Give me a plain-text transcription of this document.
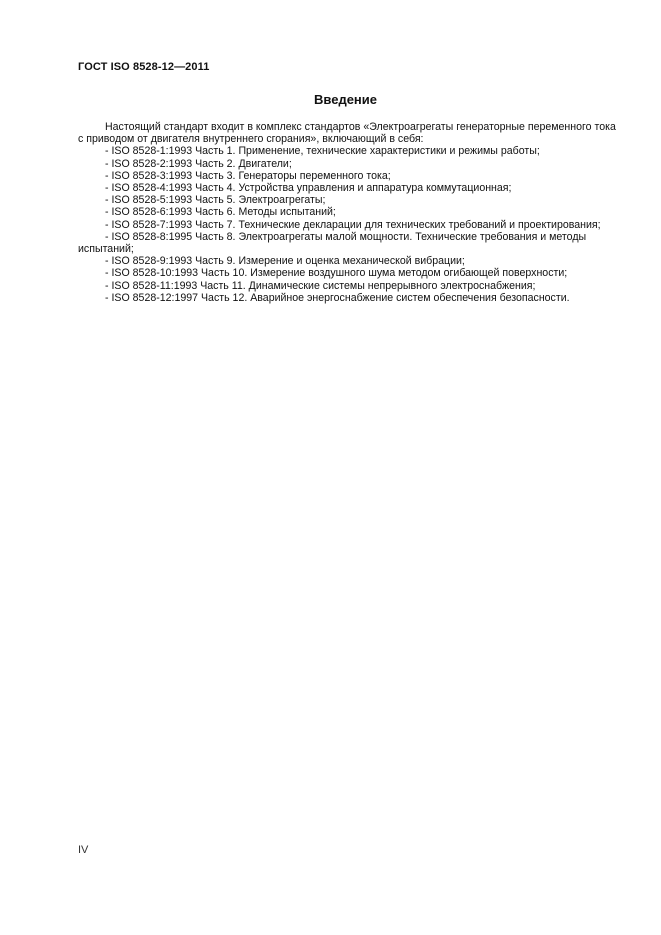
ГОСТ ISO 8528-12—2011
Введение

Настоящий стандарт входит в комплекс стандартов «Электроагрегаты генераторные переменного тока с приводом от двигателя внутреннего сгорания», включающий в себя:

- ISO 8528-1:1993 Часть 1. Применение, технические характеристики и режимы работы;

- ISO 8528-2:1993 Часть 2. Двигатели;

- ISO 8528-3:1993 Часть 3. Генераторы переменного тока;

- ISO 8528-4:1993 Часть 4. Устройства управления и аппаратура коммутационная;

- ISO 8528-5:1993 Часть 5. Электроагрегаты;

- ISO 8528-6:1993 Часть 6. Методы испытаний;

- ISO 8528-7:1993 Часть 7. Технические декларации для технических требований и проектирования;

- ISO 8528-8:1995 Часть 8. Электроагрегаты малой мощности. Технические требования и методы испытаний;

- ISO 8528-9:1993 Часть 9. Измерение и оценка механической вибрации;

- ISO 8528-10:1993 Часть 10. Измерение воздушного шума методом огибающей поверхности;

- ISO 8528-11:1993 Часть 11. Динамические системы непрерывного электроснабжения;

- ISO 8528-12:1997 Часть 12. Аварийное энергоснабжение систем обеспечения безопасности.

IV
